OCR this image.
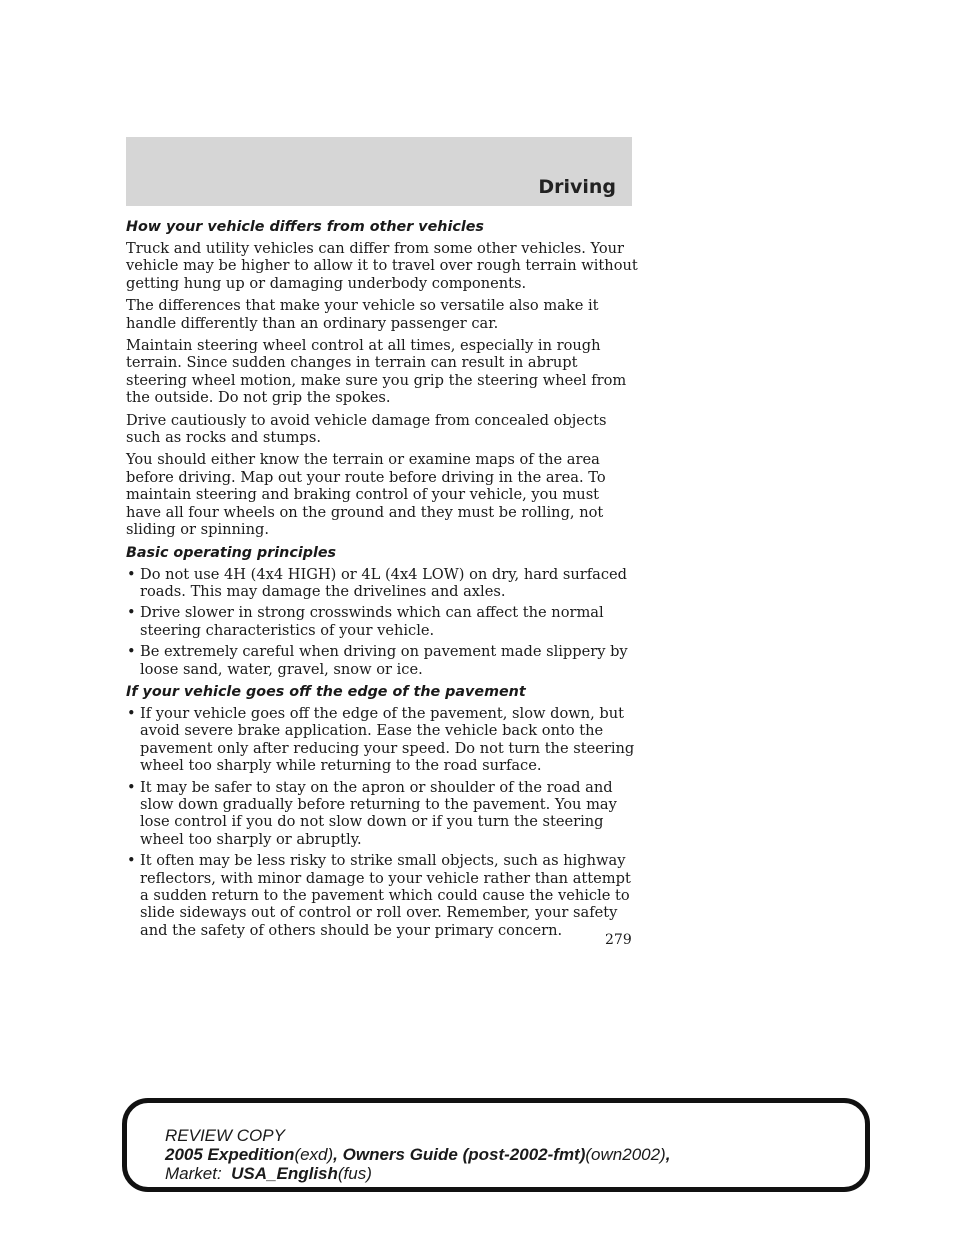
Driving
How your vehicle differs from other vehicles

Truck and utility vehicles can differ from some other vehicles. Your vehicle may be higher to allow it to travel over rough terrain without getting hung up or damaging underbody components.

The differences that make your vehicle so versatile also make it handle differently than an ordinary passenger car.

Maintain steering wheel control at all times, especially in rough terrain. Since sudden changes in terrain can result in abrupt steering wheel motion, make sure you grip the steering wheel from the outside. Do not grip the spokes.

Drive cautiously to avoid vehicle damage from concealed objects such as rocks and stumps.

You should either know the terrain or examine maps of the area before driving. Map out your route before driving in the area. To maintain steering and braking control of your vehicle, you must have all four wheels on the ground and they must be rolling, not sliding or spinning.

Basic operating principles
• Do not use 4H (4x4 HIGH) or 4L (4x4 LOW) on dry, hard surfaced roads. This may damage the drivelines and axles.
• Drive slower in strong crosswinds which can affect the normal steering characteristics of your vehicle.
• Be extremely careful when driving on pavement made slippery by loose sand, water, gravel, snow or ice.
If your vehicle goes off the edge of the pavement
• If your vehicle goes off the edge of the pavement, slow down, but avoid severe brake application. Ease the vehicle back onto the pavement only after reducing your speed. Do not turn the steering wheel too sharply while returning to the road surface.
• It may be safer to stay on the apron or shoulder of the road and slow down gradually before returning to the pavement. You may lose control if you do not slow down or if you turn the steering wheel too sharply or abruptly.
• It often may be less risky to strike small objects, such as highway reflectors, with minor damage to your vehicle rather than attempt a sudden return to the pavement which could cause the vehicle to slide sideways out of control or roll over. Remember, your safety and the safety of others should be your primary concern.
279
REVIEW COPY
2005 Expedition(exd), Owners Guide (post-2002-fmt)(own2002),
Market: USA_English(fus)
